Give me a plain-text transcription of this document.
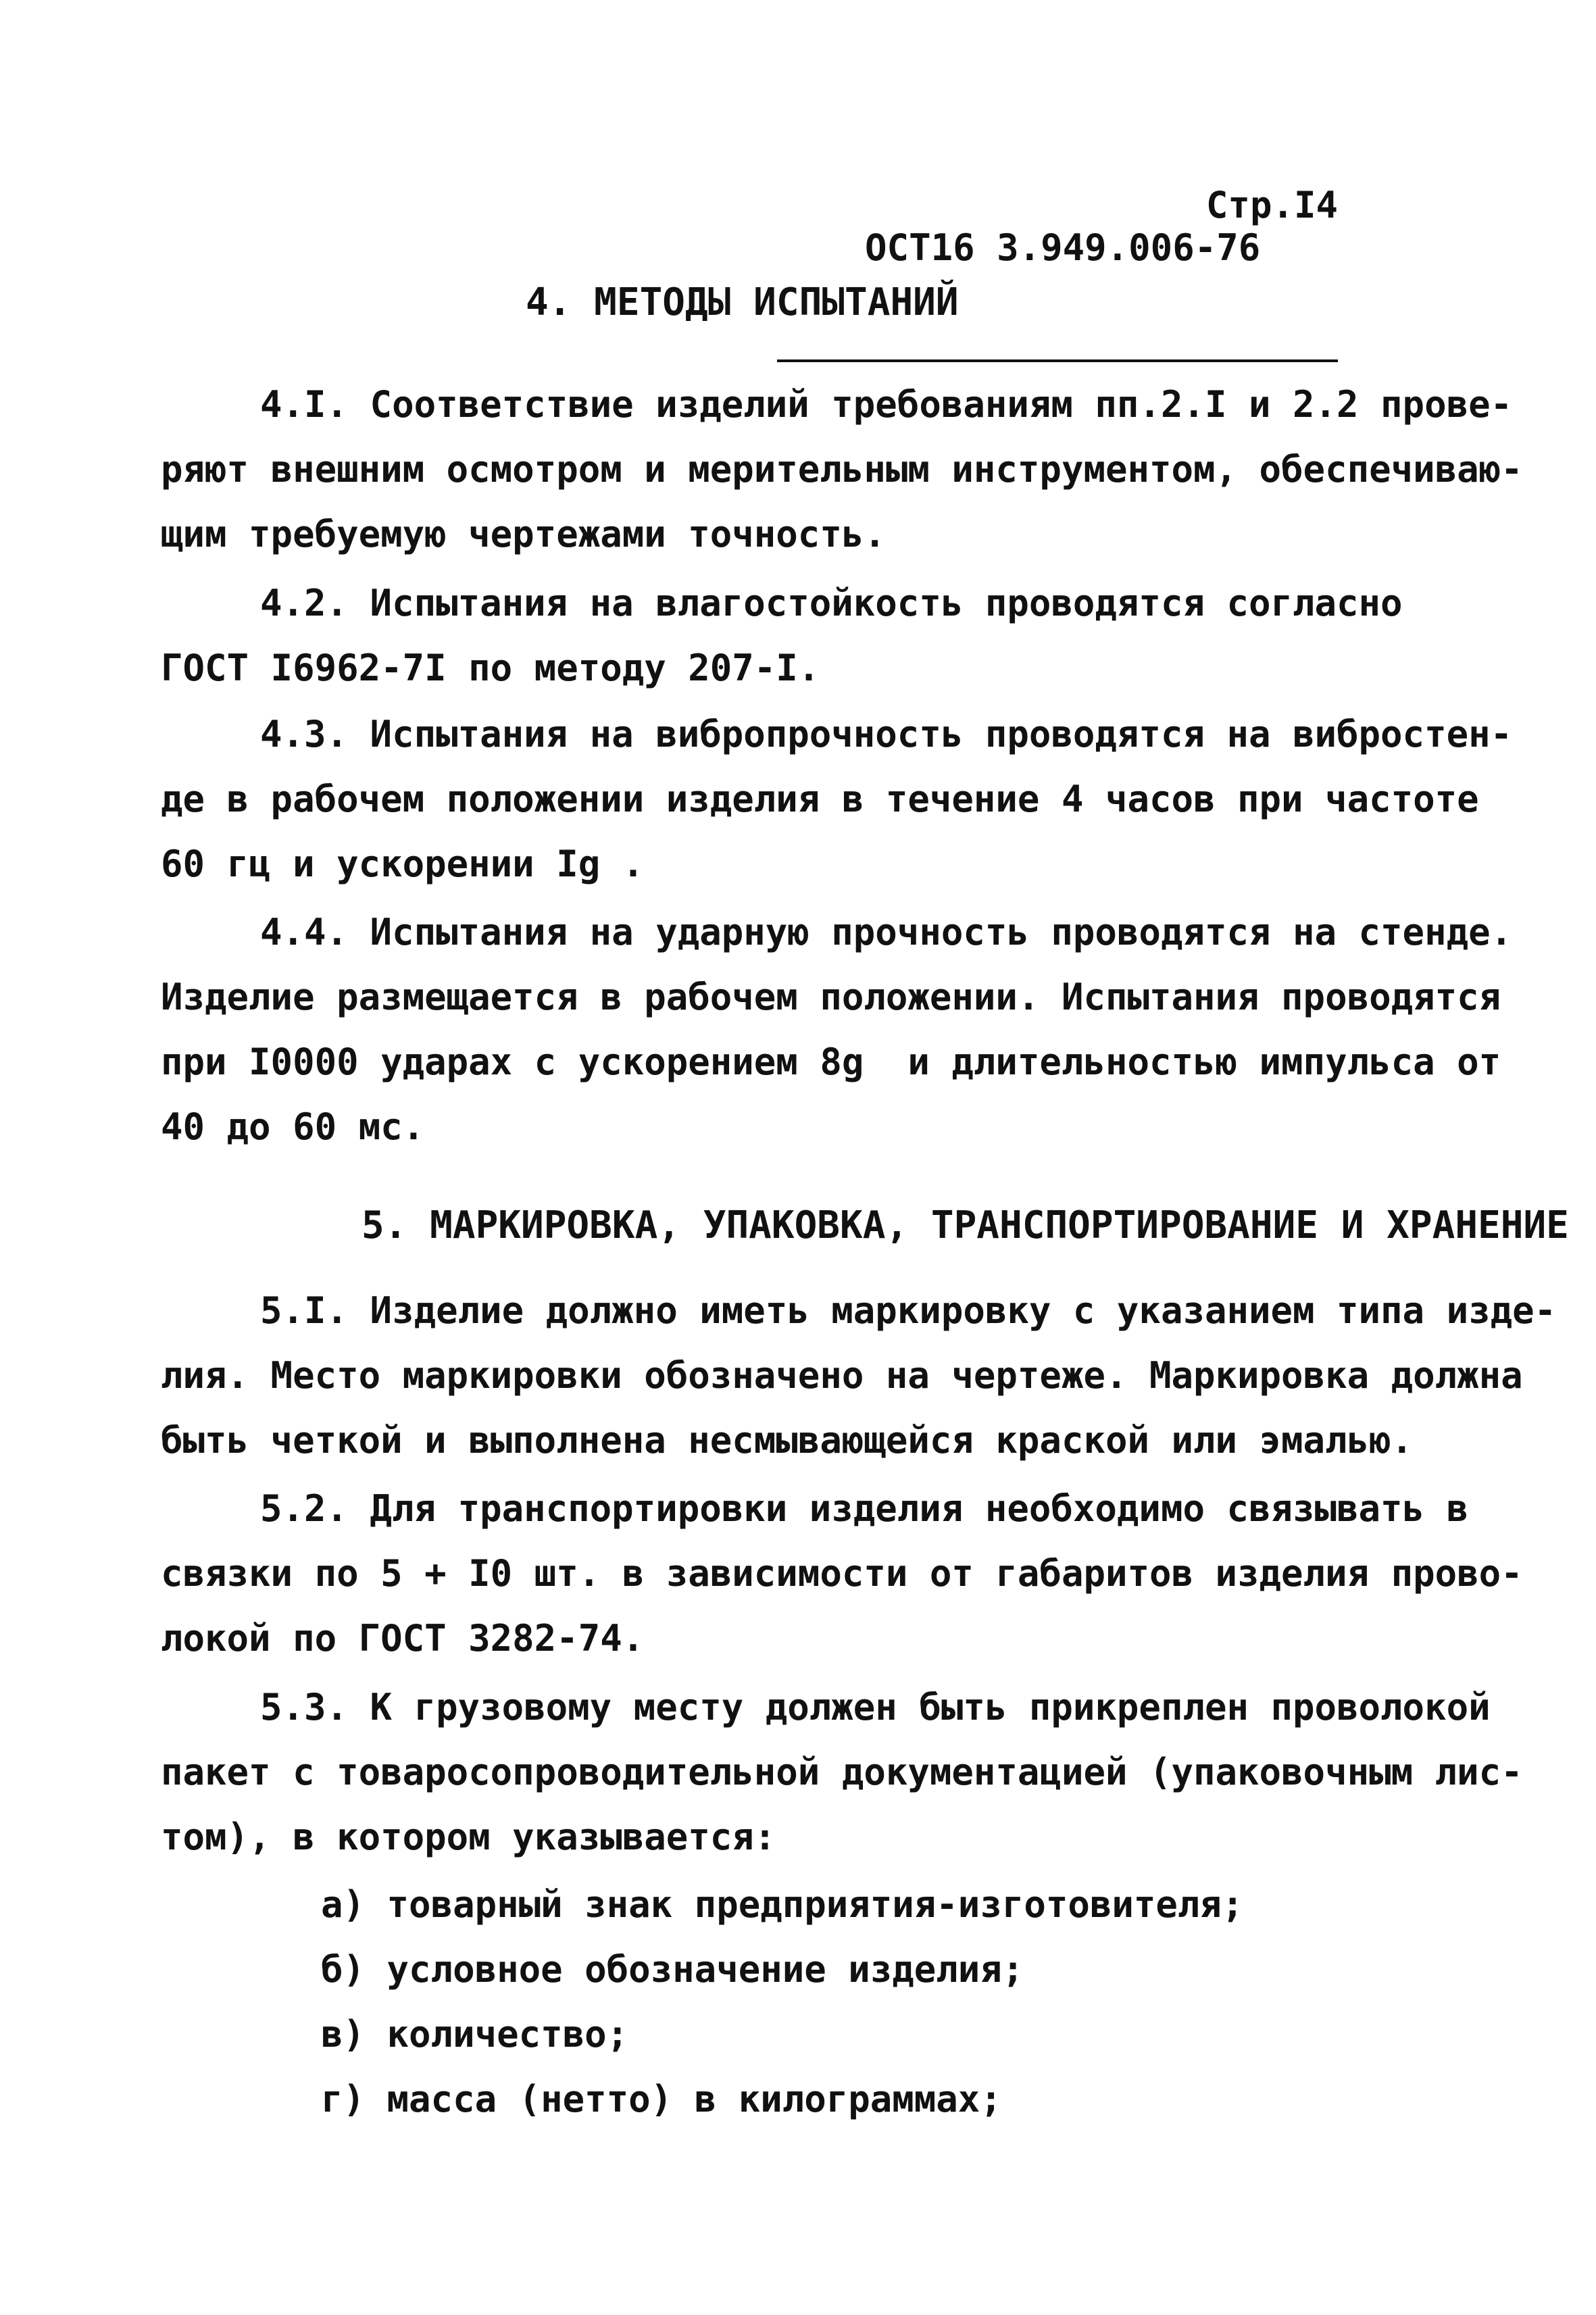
ОСТ16 3.949.006-76

Стр.I4

4. МЕТОДЫ ИСПЫТАНИЙ
4.I. Соответствие изделий требованиям пп.2.I и 2.2 прове-
ряют внешним осмотром и мерительным инструментом, обеспечиваю-
щим требуемую чертежами точность.
4.2. Испытания на влагостойкость проводятся согласно
ГОСТ I6962-7I по методу 207-I.
4.3. Испытания на вибропрочность проводятся на вибростен-
де в рабочем положении изделия в течение 4 часов при частоте
60 гц и ускорении Ig .
4.4. Испытания на ударную прочность проводятся на стенде.
Изделие размещается в рабочем положении. Испытания проводятся
при I0000 ударах с ускорением 8g  и длительностью импульса от
40 до 60 мс.
5. МАРКИРОВКА, УПАКОВКА, ТРАНСПОРТИРОВАНИЕ И ХРАНЕНИЕ
5.I. Изделие должно иметь маркировку с указанием типа изде-
лия. Место маркировки обозначено на чертеже. Маркировка должна
быть четкой и выполнена несмывающейся краской или эмалью.
5.2. Для транспортировки изделия необходимо связывать в
связки по 5 + I0 шт. в зависимости от габаритов изделия прово-
локой по ГОСТ 3282-74.
5.3. К грузовому месту должен быть прикреплен проволокой
пакет с товаросопроводительной документацией (упаковочным лис-
том), в котором указывается:
а) товарный знак предприятия-изготовителя;
б) условное обозначение изделия;
в) количество;
г) масса (нетто) в килограммах;
